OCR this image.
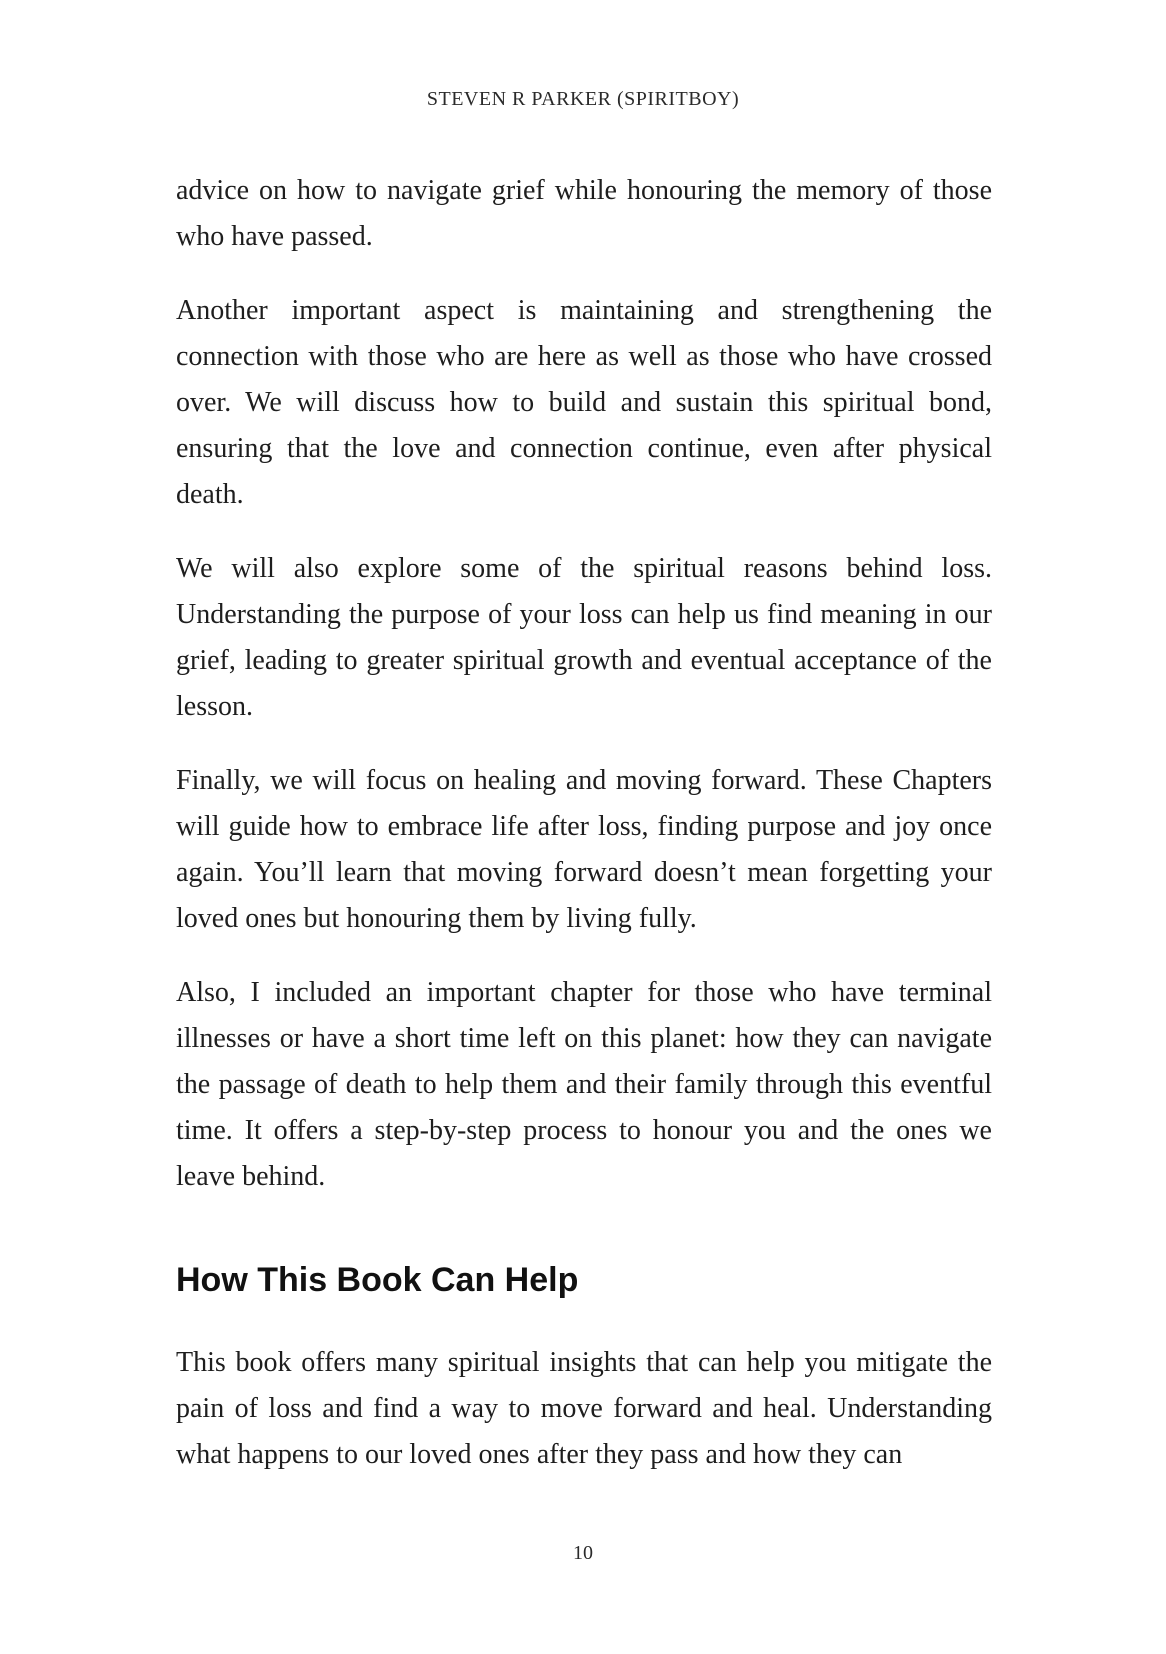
STEVEN R PARKER (SPIRITBOY)

advice on how to navigate grief while honouring the memory of those who have passed.

Another important aspect is maintaining and strengthening the connection with those who are here as well as those who have crossed over. We will discuss how to build and sustain this spiritual bond, ensuring that the love and connection continue, even after physical death.

We will also explore some of the spiritual reasons behind loss. Understanding the purpose of your loss can help us find meaning in our grief, leading to greater spiritual growth and eventual acceptance of the lesson.

Finally, we will focus on healing and moving forward. These Chapters will guide how to embrace life after loss, finding purpose and joy once again. You’ll learn that moving forward doesn’t mean forgetting your loved ones but honouring them by living fully.

Also, I included an important chapter for those who have terminal illnesses or have a short time left on this planet: how they can navigate the passage of death to help them and their family through this eventful time. It offers a step-by-step process to honour you and the ones we leave behind.

How This Book Can Help

This book offers many spiritual insights that can help you mitigate the pain of loss and find a way to move forward and heal. Understanding what happens to our loved ones after they pass and how they can

10
